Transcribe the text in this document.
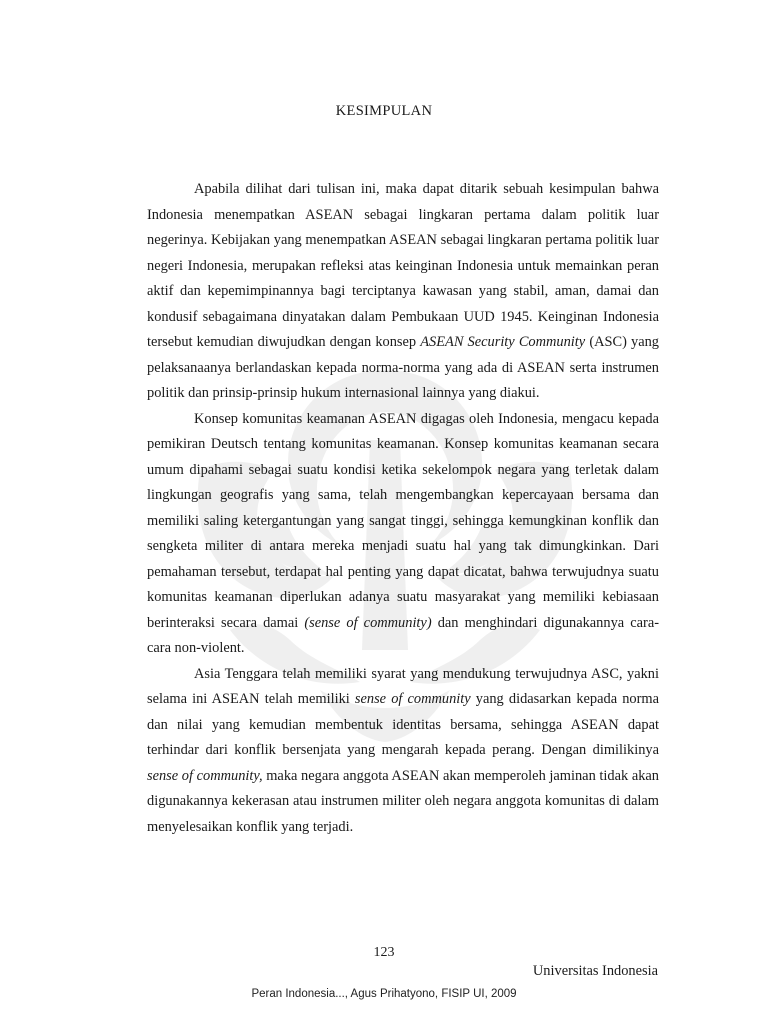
KESIMPULAN

Apabila dilihat dari tulisan ini, maka dapat ditarik sebuah kesimpulan bahwa Indonesia menempatkan ASEAN sebagai lingkaran pertama dalam politik luar negerinya. Kebijakan yang menempatkan ASEAN sebagai lingkaran pertama politik luar negeri Indonesia, merupakan refleksi atas keinginan Indonesia untuk memainkan peran aktif dan kepemimpinannya bagi terciptanya kawasan yang stabil, aman, damai dan kondusif sebagaimana dinyatakan dalam Pembukaan UUD 1945. Keinginan Indonesia tersebut kemudian diwujudkan dengan konsep ASEAN Security Community (ASC) yang pelaksanaanya berlandaskan kepada norma-norma yang ada di ASEAN serta instrumen politik dan prinsip-prinsip hukum internasional lainnya yang diakui.

Konsep komunitas keamanan ASEAN digagas oleh Indonesia, mengacu kepada pemikiran Deutsch tentang komunitas keamanan. Konsep komunitas keamanan secara umum dipahami sebagai suatu kondisi ketika sekelompok negara yang terletak dalam lingkungan geografis yang sama, telah mengembangkan kepercayaan bersama dan memiliki saling ketergantungan yang sangat tinggi, sehingga kemungkinan konflik dan sengketa militer di antara mereka menjadi suatu hal yang tak dimungkinkan. Dari pemahaman tersebut, terdapat hal penting yang dapat dicatat, bahwa terwujudnya suatu komunitas keamanan diperlukan adanya suatu masyarakat yang memiliki kebiasaan berinteraksi secara damai (sense of community) dan menghindari digunakannya cara-cara non-violent.

Asia Tenggara telah memiliki syarat yang mendukung terwujudnya ASC, yakni selama ini ASEAN telah memiliki sense of community yang didasarkan kepada norma dan nilai yang kemudian membentuk identitas bersama, sehingga ASEAN dapat terhindar dari konflik bersenjata yang mengarah kepada perang. Dengan dimilikinya sense of community, maka negara anggota ASEAN akan memperoleh jaminan tidak akan digunakannya kekerasan atau instrumen militer oleh negara anggota komunitas di dalam menyelesaikan konflik yang terjadi.

123
Universitas Indonesia
Peran Indonesia..., Agus Prihatyono, FISIP UI, 2009
